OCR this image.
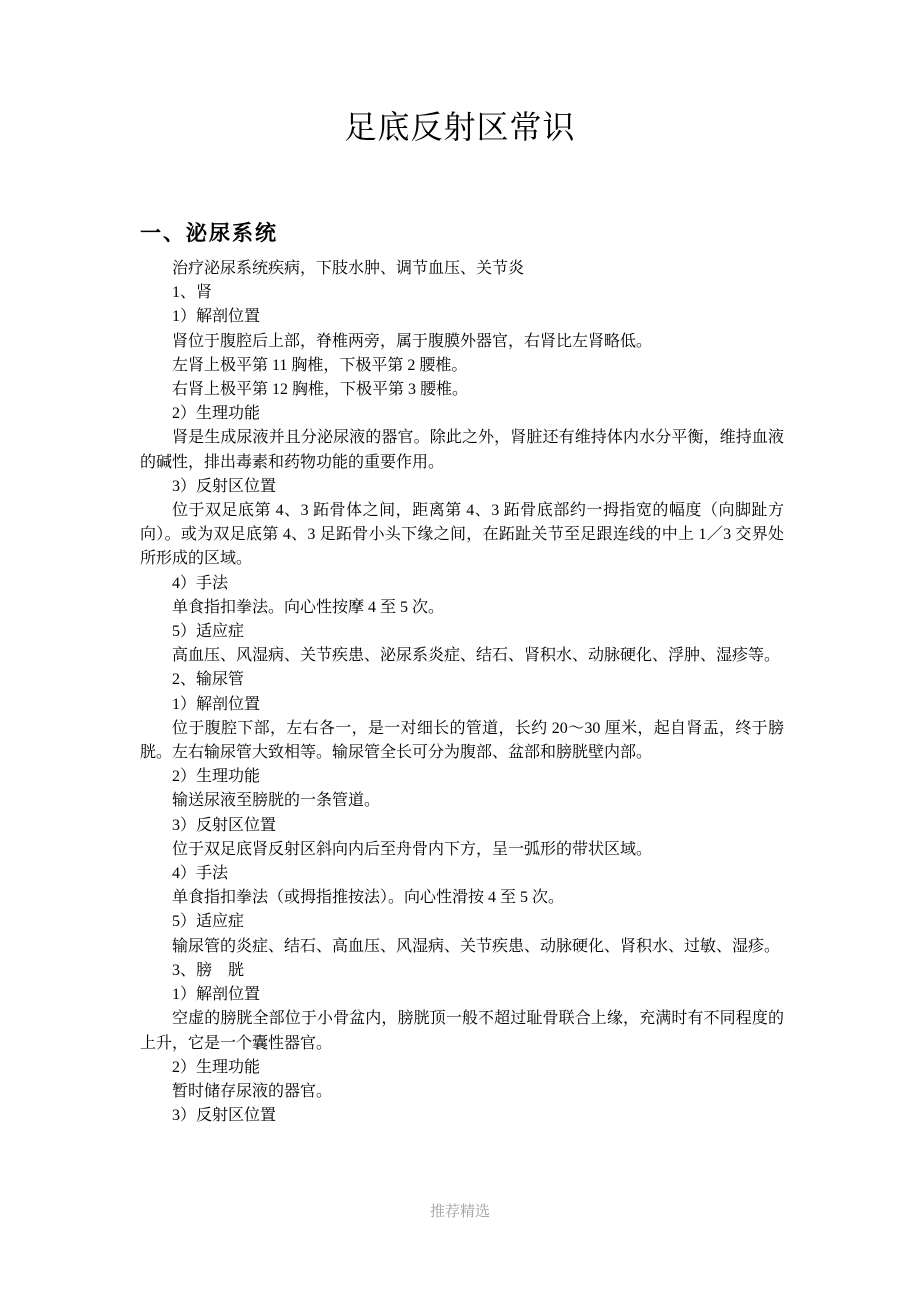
足底反射区常识
一、泌尿系统

治疗泌尿系统疾病，下肢水肿、调节血压、关节炎

1、肾

1）解剖位置

肾位于腹腔后上部，脊椎两旁，属于腹膜外器官，右肾比左肾略低。

左肾上极平第 11 胸椎，下极平第 2 腰椎。

右肾上极平第 12 胸椎，下极平第 3 腰椎。

2）生理功能

肾是生成尿液并且分泌尿液的器官。除此之外，肾脏还有维持体内水分平衡，维持血液的碱性，排出毒素和药物功能的重要作用。

3）反射区位置

位于双足底第 4、3 跖骨体之间，距离第 4、3 跖骨底部约一拇指宽的幅度（向脚趾方向）。或为双足底第 4、3 足跖骨小头下缘之间，在跖趾关节至足跟连线的中上 1／3 交界处所形成的区域。

4）手法

单食指扣拳法。向心性按摩 4 至 5 次。

5）适应症

高血压、风湿病、关节疾患、泌尿系炎症、结石、肾积水、动脉硬化、浮肿、湿疹等。

2、输尿管

1）解剖位置

位于腹腔下部，左右各一，是一对细长的管道，长约 20～30 厘米，起自肾盂，终于膀胱。左右输尿管大致相等。输尿管全长可分为腹部、盆部和膀胱壁内部。

2）生理功能

输送尿液至膀胱的一条管道。

3）反射区位置

位于双足底肾反射区斜向内后至舟骨内下方，呈一弧形的带状区域。

4）手法

单食指扣拳法（或拇指推按法）。向心性滑按 4 至 5 次。

5）适应症

输尿管的炎症、结石、高血压、风湿病、关节疾患、动脉硬化、肾积水、过敏、湿疹。

3、膀　胱

1）解剖位置

空虚的膀胱全部位于小骨盆内，膀胱顶一般不超过耻骨联合上缘，充满时有不同程度的上升，它是一个囊性器官。

2）生理功能

暂时储存尿液的器官。

3）反射区位置

推荐精选
